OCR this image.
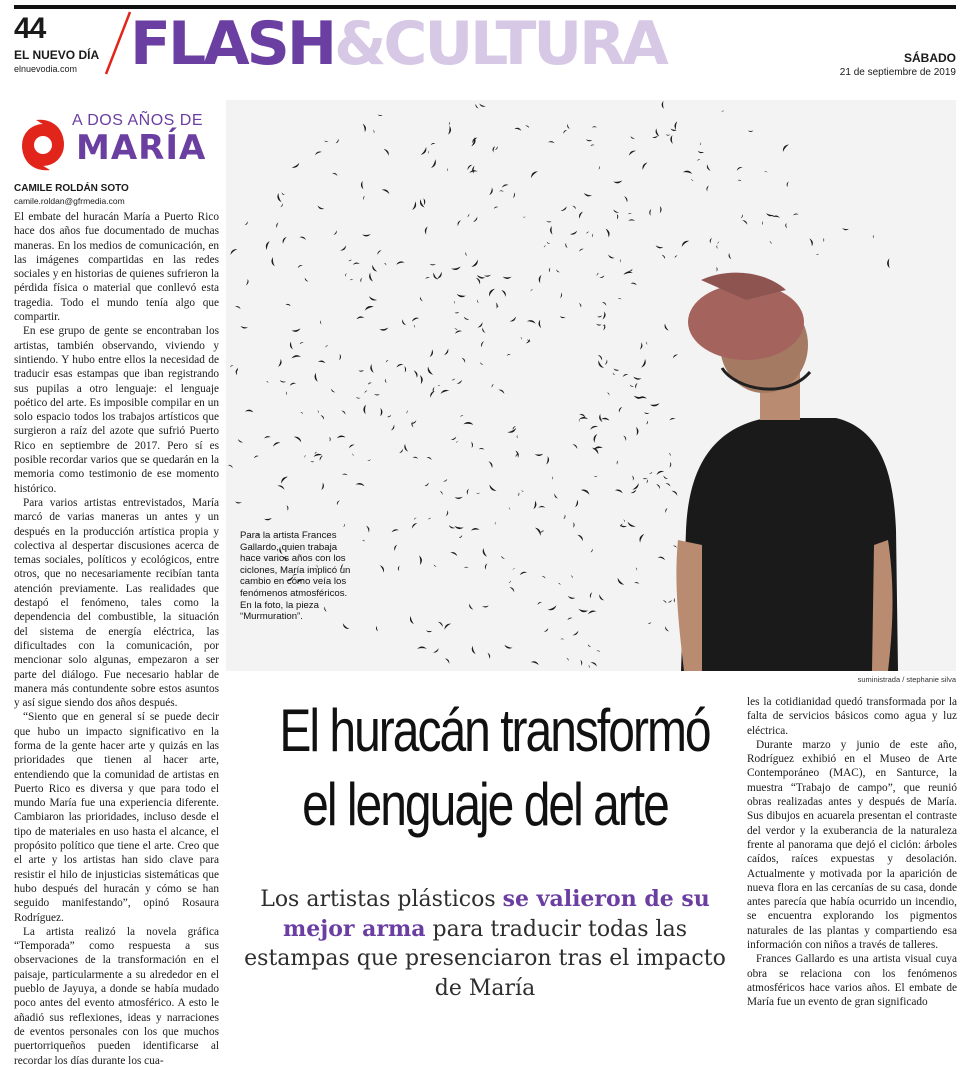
44
EL NUEVO DÍA
elnuevodia.com FLASH&CULTURA	SÁBADO
21 de septiembre de 2019
A DOS AÑOS DE
MARÍA
CAMILE ROLDÁN SOTO
camile.roldan@gfrmedia.com

El embate del huracán María a Puerto Rico hace dos años fue documentado de muchas maneras. En los medios de comunicación, en las imágenes compartidas en las redes sociales y en historias de quienes sufrieron la pérdida física o material que conllevó esta tragedia. Todo el mundo tenía algo que compartir.

En ese grupo de gente se encontraban los artistas, también observando, viviendo y sintiendo. Y hubo entre ellos la necesidad de traducir esas estampas que iban registrando sus pupilas a otro lenguaje: el lenguaje poético del arte. Es imposible compilar en un solo espacio todos los trabajos artísticos que surgieron a raíz del azote que sufrió Puerto Rico en septiembre de 2017. Pero sí es posible recordar varios que se quedarán en la memoria como testimonio de ese momento histórico.

Para varios artistas entrevistados, María marcó de varias maneras un antes y un después en la producción artística propia y colectiva al despertar discusiones acerca de temas sociales, políticos y ecológicos, entre otros, que no necesariamente recibían tanta atención previamente. Las realidades que destapó el fenómeno, tales como la dependencia del combustible, la situación del sistema de energía eléctrica, las dificultades con la comunicación, por mencionar solo algunas, empezaron a ser parte del diálogo. Fue necesario hablar de manera más contundente sobre estos asuntos y así sigue siendo dos años después.

“Siento que en general sí se puede decir que hubo un impacto significativo en la forma de la gente hacer arte y quizás en las prioridades que tienen al hacer arte, entendiendo que la comunidad de artistas en Puerto Rico es diversa y que para todo el mundo María fue una experiencia diferente. Cambiaron las prioridades, incluso desde el tipo de materiales en uso hasta el alcance, el propósito político que tiene el arte. Creo que el arte y los artistas han sido clave para resistir el hilo de injusticias sistemáticas que hubo después del huracán y cómo se han seguido manifestando”, opinó Rosaura Rodríguez.

La artista realizó la novela gráfica “Temporada” como respuesta a sus observaciones de la transformación en el paisaje, particularmente a su alrededor en el pueblo de Jayuya, a donde se había mudado poco antes del evento atmosférico. A esto le añadió sus reflexiones, ideas y narraciones de eventos personales con los que muchos puertorriqueños pueden identificarse al recordar los días durante los cua-

Para la artista Frances Gallardo, quien trabaja hace varios años con los ciclones, María implicó un cambio en cómo veía los fenómenos atmosféricos. En la foto, la pieza “Murmuration”.
suministrada / stephanie silva
El huracán transformó
el lenguaje del arte
Los artistas plásticos se valieron de su mejor arma para traducir todas las estampas que presenciaron tras el impacto de María

les la cotidianidad quedó transformada por la falta de servicios básicos como agua y luz eléctrica.

Durante marzo y junio de este año, Rodríguez exhibió en el Museo de Arte Contemporáneo (MAC), en Santurce, la muestra “Trabajo de campo”, que reunió obras realizadas antes y después de María. Sus dibujos en acuarela presentan el contraste del verdor y la exuberancia de la naturaleza frente al panorama que dejó el ciclón: árboles caídos, raíces expuestas y desolación. Actualmente y motivada por la aparición de nueva flora en las cercanías de su casa, donde antes parecía que había ocurrido un incendio, se encuentra explorando los pigmentos naturales de las plantas y compartiendo esa información con niños a través de talleres.

Frances Gallardo es una artista visual cuya obra se relaciona con los fenómenos atmosféricos hace varios años. El embate de María fue un evento de gran significado
